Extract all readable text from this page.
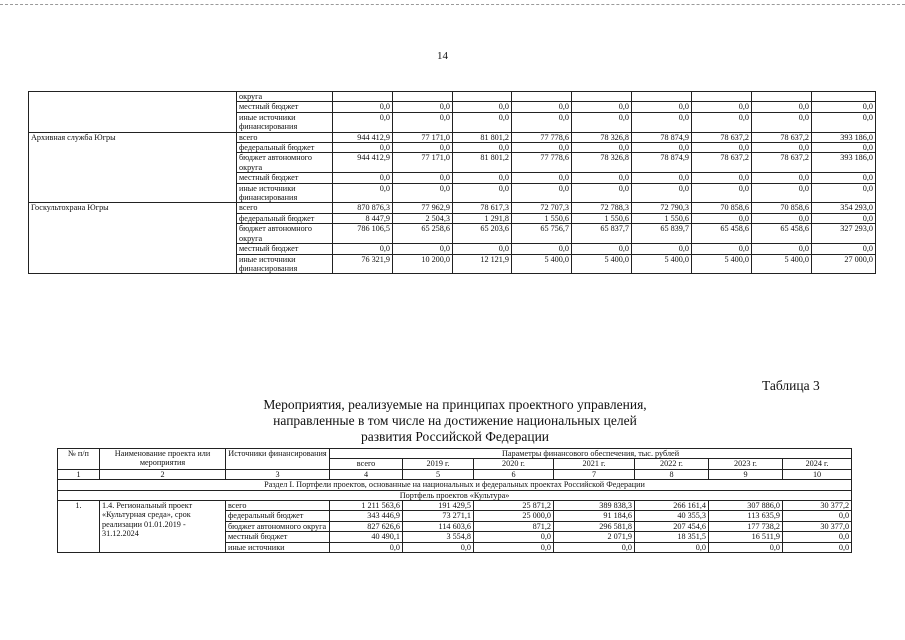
14
	округа									
	местный бюджет	0,0	0,0	0,0	0,0	0,0	0,0	0,0	0,0	0,0
	иные источники финансирования	0,0	0,0	0,0	0,0	0,0	0,0	0,0	0,0	0,0
Архивная служба Югры	всего	944 412,9	77 171,0	81 801,2	77 778,6	78 326,8	78 874,9	78 637,2	78 637,2	393 186,0
	федеральный бюджет	0,0	0,0	0,0	0,0	0,0	0,0	0,0	0,0	0,0
	бюджет автономного округа	944 412,9	77 171,0	81 801,2	77 778,6	78 326,8	78 874,9	78 637,2	78 637,2	393 186,0
	местный бюджет	0,0	0,0	0,0	0,0	0,0	0,0	0,0	0,0	0,0
	иные источники финансирования	0,0	0,0	0,0	0,0	0,0	0,0	0,0	0,0	0,0
Госкультохрана Югры	всего	870 876,3	77 962,9	78 617,3	72 707,3	72 788,3	72 790,3	70 858,6	70 858,6	354 293,0
	федеральный бюджет	8 447,9	2 504,3	1 291,8	1 550,6	1 550,6	1 550,6	0,0	0,0	0,0
	бюджет автономного округа	786 106,5	65 258,6	65 203,6	65 756,7	65 837,7	65 839,7	65 458,6	65 458,6	327 293,0
	местный бюджет	0,0	0,0	0,0	0,0	0,0	0,0	0,0	0,0	0,0
	иные источники финансирования	76 321,9	10 200,0	12 121,9	5 400,0	5 400,0	5 400,0	5 400,0	5 400,0	27 000,0
Таблица 3
Мероприятия, реализуемые на принципах проектного управления,
направленные в том числе на достижение национальных целей
развития Российской Федерации
№ п/п	Наименование проекта или мероприятия	Источники финансирования	Параметры финансового обеспечения, тыс. рублей						
			всего	2019 г.	2020 г.	2021 г.	2022 г.	2023 г.	2024 г.
1	2	3	4	5	6	7	8	9	10
Раздел I. Портфели проектов, основанные на национальных и федеральных проектах Российской Федерации									
Портфель проектов «Культура»									
1.	1.4. Региональный проект «Культурная среда», срок реализации 01.01.2019 - 31.12.2024	всего	1 211 563,6	191 429,5	25 871,2	389 838,3	266 161,4	307 886,0	30 377,2
		федеральный бюджет	343 446,9	73 271,1	25 000,0	91 184,6	40 355,3	113 635,9	0,0
		бюджет автономного округа	827 626,6	114 603,6	871,2	296 581,8	207 454,6	177 738,2	30 377,0
		местный бюджет	40 490,1	3 554,8	0,0	2 071,9	18 351,5	16 511,9	0,0
		иные источники	0,0	0,0	0,0	0,0	0,0	0,0	0,0
